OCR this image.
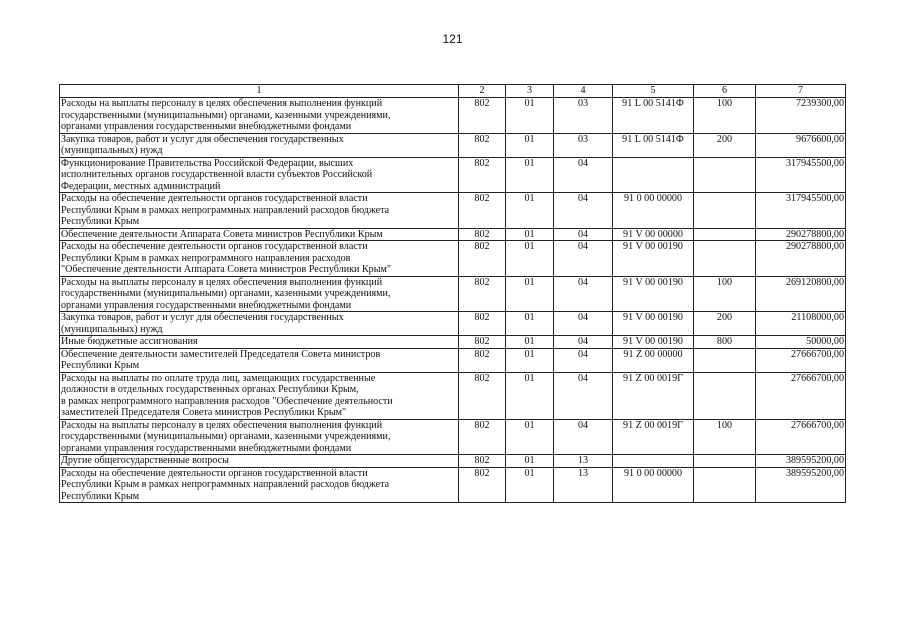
121
1	2	3	4	5	6	7
Расходы на выплаты персоналу в целях обеспечения выполнения функций
государственными (муниципальными) органами, казенными учреждениями,
органами управления государственными внебюджетными фондами	802	01	03	91 L 00 5141Ф	100	7239300,00
Закупка товаров, работ и услуг для обеспечения государственных
(муниципальных) нужд	802	01	03	91 L 00 5141Ф	200	9676600,00
Функционирование Правительства Российской Федерации, высших
исполнительных органов государственной власти субъектов Российской
Федерации, местных администраций	802	01	04			317945500,00
Расходы на обеспечение деятельности органов государственной власти
Республики Крым в рамках непрограммных направлений расходов бюджета
Республики Крым	802	01	04	91 0 00 00000		317945500,00
Обеспечение деятельности Аппарата Совета министров Республики Крым	802	01	04	91 V 00 00000		290278800,00
Расходы на обеспечение деятельности органов государственной власти
Республики Крым в рамках непрограммного направления расходов
"Обеспечение деятельности Аппарата Совета министров Республики Крым"	802	01	04	91 V 00 00190		290278800,00
Расходы на выплаты персоналу в целях обеспечения выполнения функций
государственными (муниципальными) органами, казенными учреждениями,
органами управления государственными внебюджетными фондами	802	01	04	91 V 00 00190	100	269120800,00
Закупка товаров, работ и услуг для обеспечения государственных
(муниципальных) нужд	802	01	04	91 V 00 00190	200	21108000,00
Иные бюджетные ассигнования	802	01	04	91 V 00 00190	800	50000,00
Обеспечение деятельности заместителей Председателя Совета министров
Республики Крым	802	01	04	91 Z 00 00000		27666700,00
Расходы на выплаты по оплате труда лиц, замещающих государственные
должности в отдельных государственных органах Республики Крым,
в рамках непрограммного направления расходов "Обеспечение деятельности
заместителей Председателя Совета министров Республики Крым"	802	01	04	91 Z 00 0019Г		27666700,00
Расходы на выплаты персоналу в целях обеспечения выполнения функций
государственными (муниципальными) органами, казенными учреждениями,
органами управления государственными внебюджетными фондами	802	01	04	91 Z 00 0019Г	100	27666700,00
Другие общегосударственные вопросы	802	01	13			389595200,00
Расходы на обеспечение деятельности органов государственной власти
Республики Крым в рамках непрограммных направлений расходов бюджета
Республики Крым	802	01	13	91 0 00 00000		389595200,00
